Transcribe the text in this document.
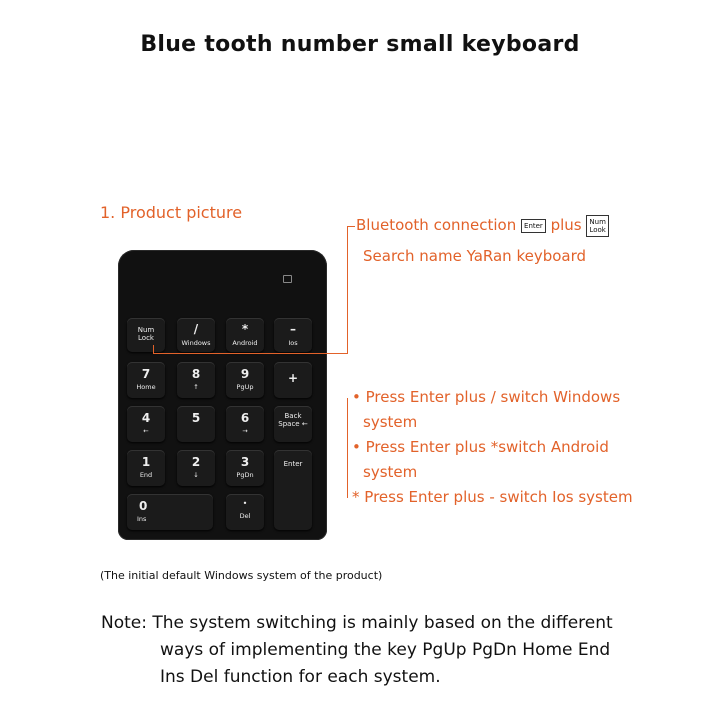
Blue tooth number small keyboard
1. Product picture
Num
Lock
/
Windows
*
Android
–
Ios
7
Home
8
↑
9
PgUp
+
4
←
5	6
→
Back
Space ←
1
End
2
↓
3
PgDn
Enter
0
Ins
•
Del
Bluetooth connection Enter plus Num
Look
Search name YaRan keyboard
• Press Enter plus / switch Windows
system
• Press Enter plus *switch Android
system
* Press Enter plus - switch Ios system
(The initial default Windows system of the product)
Note: The system switching is mainly based on the different
ways of implementing the key PgUp PgDn Home End
Ins Del function for each system.
